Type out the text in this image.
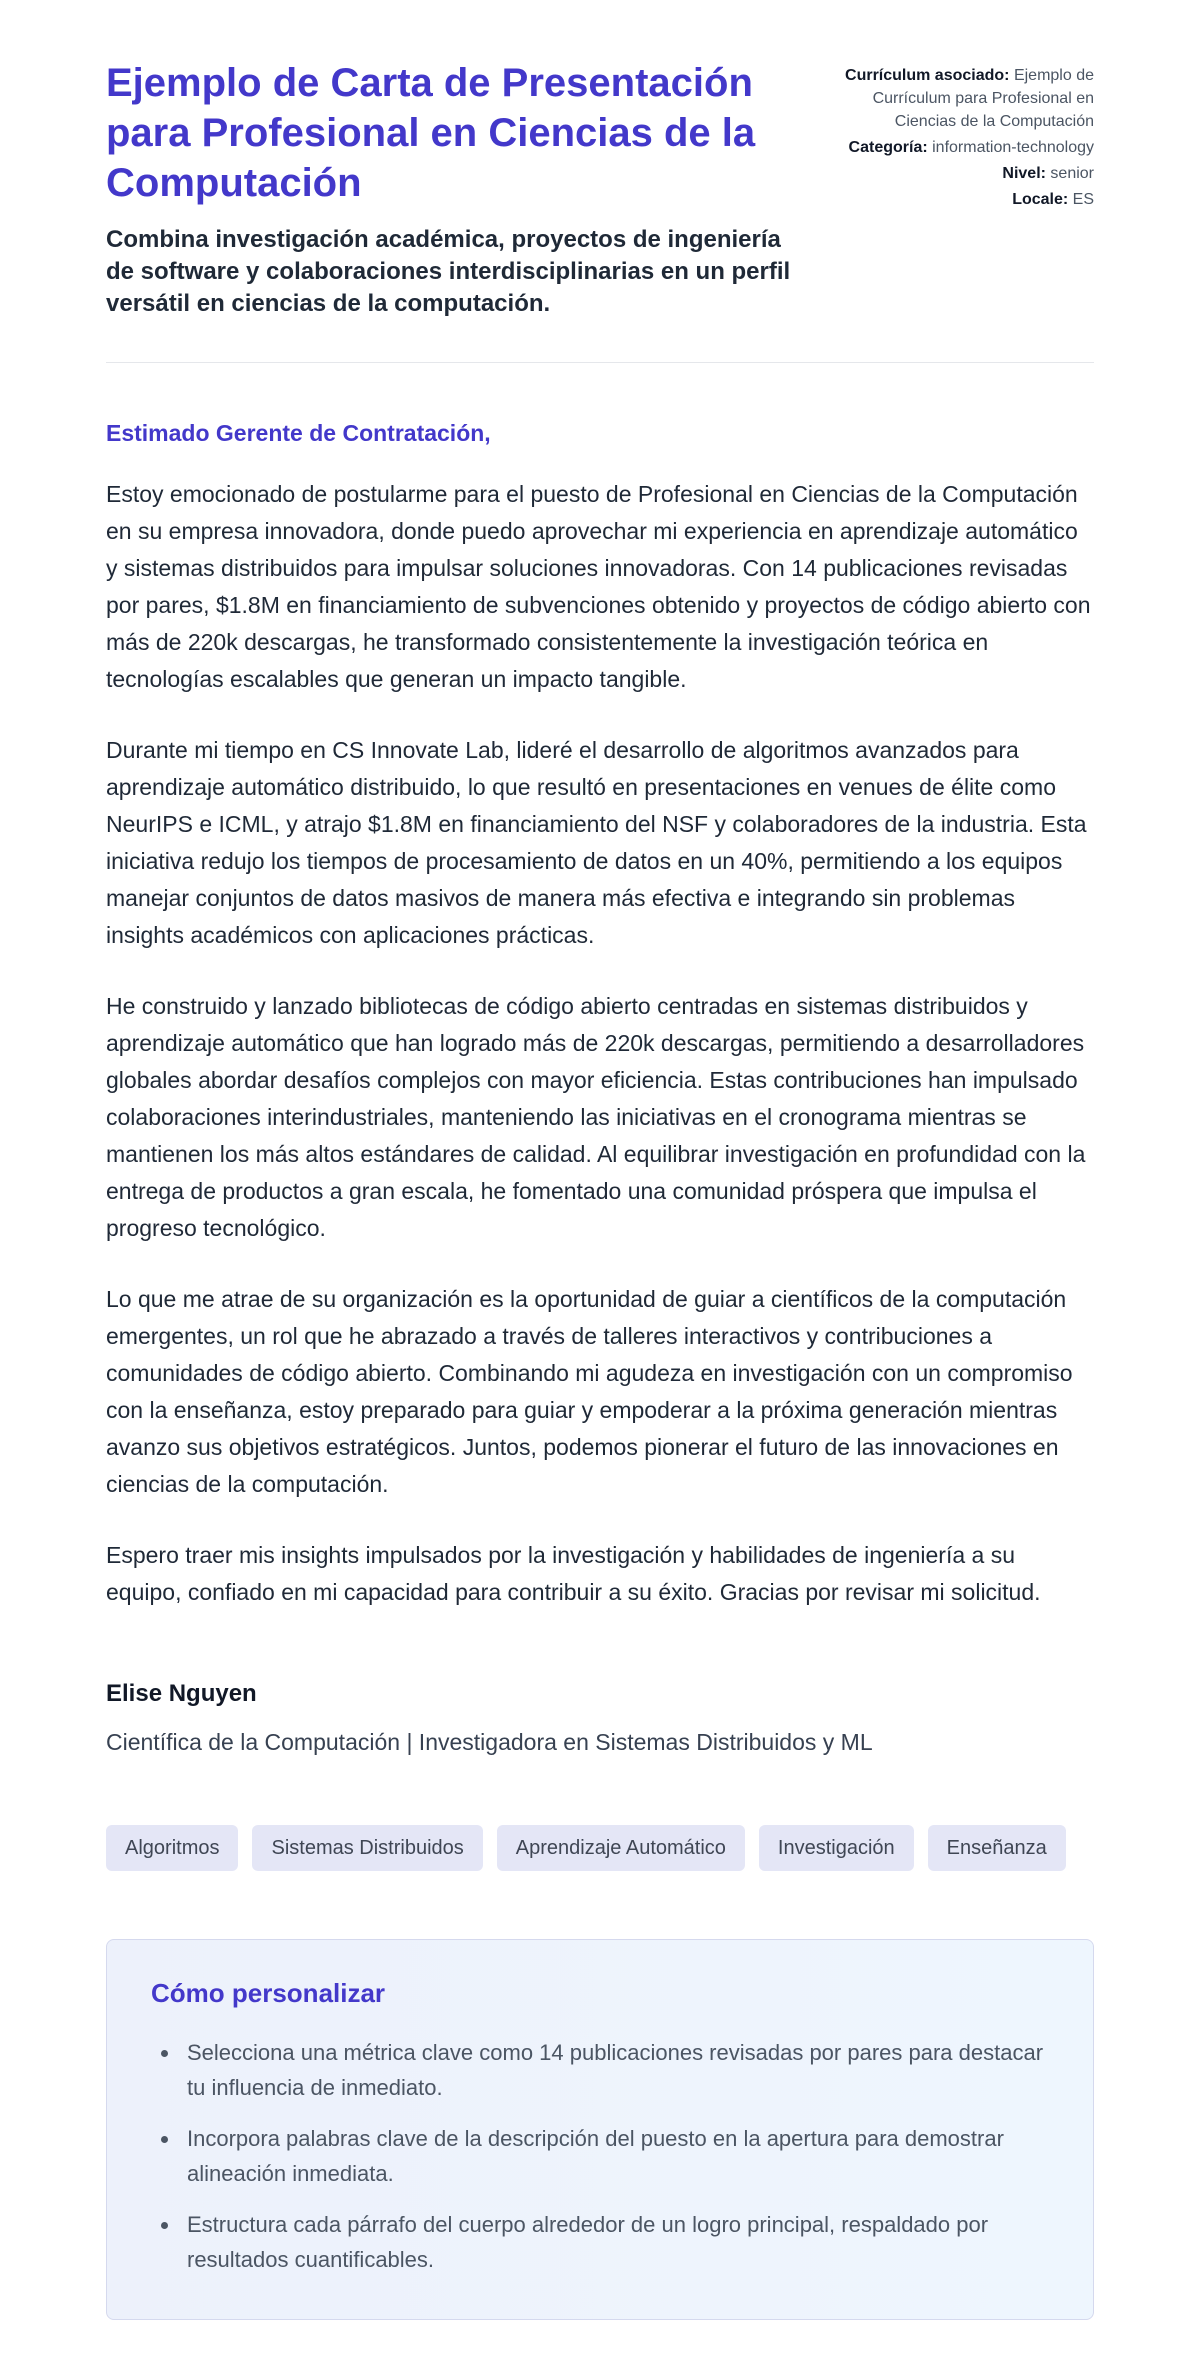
Ejemplo de Carta de Presentación para Profesional en Ciencias de la Computación

Combina investigación académica, proyectos de ingeniería de software y colaboraciones interdisciplinarias en un perfil versátil en ciencias de la computación.

Currículum asociado: Ejemplo de Currículum para Profesional en Ciencias de la Computación

Categoría: information-technology

Nivel: senior

Locale: ES

Estimado Gerente de Contratación,

Estoy emocionado de postularme para el puesto de Profesional en Ciencias de la Computación en su empresa innovadora, donde puedo aprovechar mi experiencia en aprendizaje automático y sistemas distribuidos para impulsar soluciones innovadoras. Con 14 publicaciones revisadas por pares, $1.8M en financiamiento de subvenciones obtenido y proyectos de código abierto con más de 220k descargas, he transformado consistentemente la investigación teórica en tecnologías escalables que generan un impacto tangible.

Durante mi tiempo en CS Innovate Lab, lideré el desarrollo de algoritmos avanzados para aprendizaje automático distribuido, lo que resultó en presentaciones en venues de élite como NeurIPS e ICML, y atrajo $1.8M en financiamiento del NSF y colaboradores de la industria. Esta iniciativa redujo los tiempos de procesamiento de datos en un 40%, permitiendo a los equipos manejar conjuntos de datos masivos de manera más efectiva e integrando sin problemas insights académicos con aplicaciones prácticas.

He construido y lanzado bibliotecas de código abierto centradas en sistemas distribuidos y aprendizaje automático que han logrado más de 220k descargas, permitiendo a desarrolladores globales abordar desafíos complejos con mayor eficiencia. Estas contribuciones han impulsado colaboraciones interindustriales, manteniendo las iniciativas en el cronograma mientras se mantienen los más altos estándares de calidad. Al equilibrar investigación en profundidad con la entrega de productos a gran escala, he fomentado una comunidad próspera que impulsa el progreso tecnológico.

Lo que me atrae de su organización es la oportunidad de guiar a científicos de la computación emergentes, un rol que he abrazado a través de talleres interactivos y contribuciones a comunidades de código abierto. Combinando mi agudeza en investigación con un compromiso con la enseñanza, estoy preparado para guiar y empoderar a la próxima generación mientras avanzo sus objetivos estratégicos. Juntos, podemos pionerar el futuro de las innovaciones en ciencias de la computación.

Espero traer mis insights impulsados por la investigación y habilidades de ingeniería a su equipo, confiado en mi capacidad para contribuir a su éxito. Gracias por revisar mi solicitud.

Elise Nguyen

Científica de la Computación | Investigadora en Sistemas Distribuidos y ML

Algoritmos	Sistemas Distribuidos	Aprendizaje Automático	Investigación	Enseñanza
Cómo personalizar
• Selecciona una métrica clave como 14 publicaciones revisadas por pares para destacar tu influencia de inmediato.
• Incorpora palabras clave de la descripción del puesto en la apertura para demostrar alineación inmediata.
• Estructura cada párrafo del cuerpo alrededor de un logro principal, respaldado por resultados cuantificables.
